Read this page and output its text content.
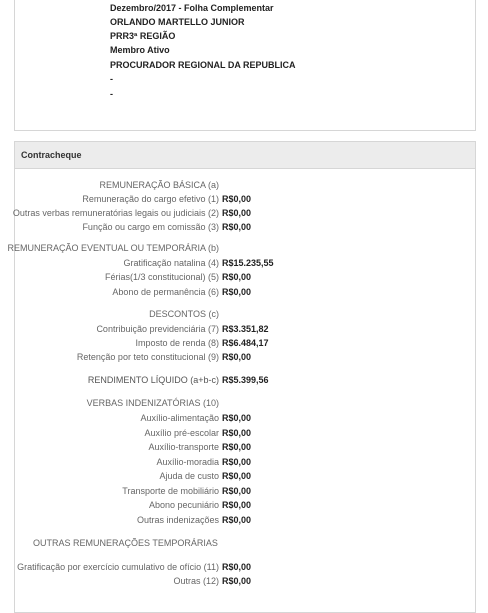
Dezembro/2017 - Folha Complementar
ORLANDO MARTELLO JUNIOR
PRR3ª REGIÃO
Membro Ativo
PROCURADOR REGIONAL DA REPUBLICA
-
-
Contracheque
REMUNERAÇÃO BÁSICA (a)
Remuneração do cargo efetivo (1) R$0,00
Outras verbas remuneratórias legais ou judiciais (2) R$0,00
Função ou cargo em comissão (3) R$0,00
REMUNERAÇÃO EVENTUAL OU TEMPORÁRIA (b)
Gratificação natalina (4) R$15.235,55
Férias(1/3 constitucional) (5) R$0,00
Abono de permanência (6) R$0,00
DESCONTOS (c)
Contribuição previdenciária (7) R$3.351,82
Imposto de renda (8) R$6.484,17
Retenção por teto constitucional (9) R$0,00
RENDIMENTO LÍQUIDO (a+b-c) R$5.399,56
VERBAS INDENIZATÓRIAS (10)
Auxílio-alimentação R$0,00
Auxílio pré-escolar R$0,00
Auxílio-transporte R$0,00
Auxílio-moradia R$0,00
Ajuda de custo R$0,00
Transporte de mobiliário R$0,00
Abono pecuniário R$0,00
Outras indenizações R$0,00
OUTRAS REMUNERAÇÕES TEMPORÁRIAS
Gratificação por exercício cumulativo de ofício (11) R$0,00
Outras (12) R$0,00
